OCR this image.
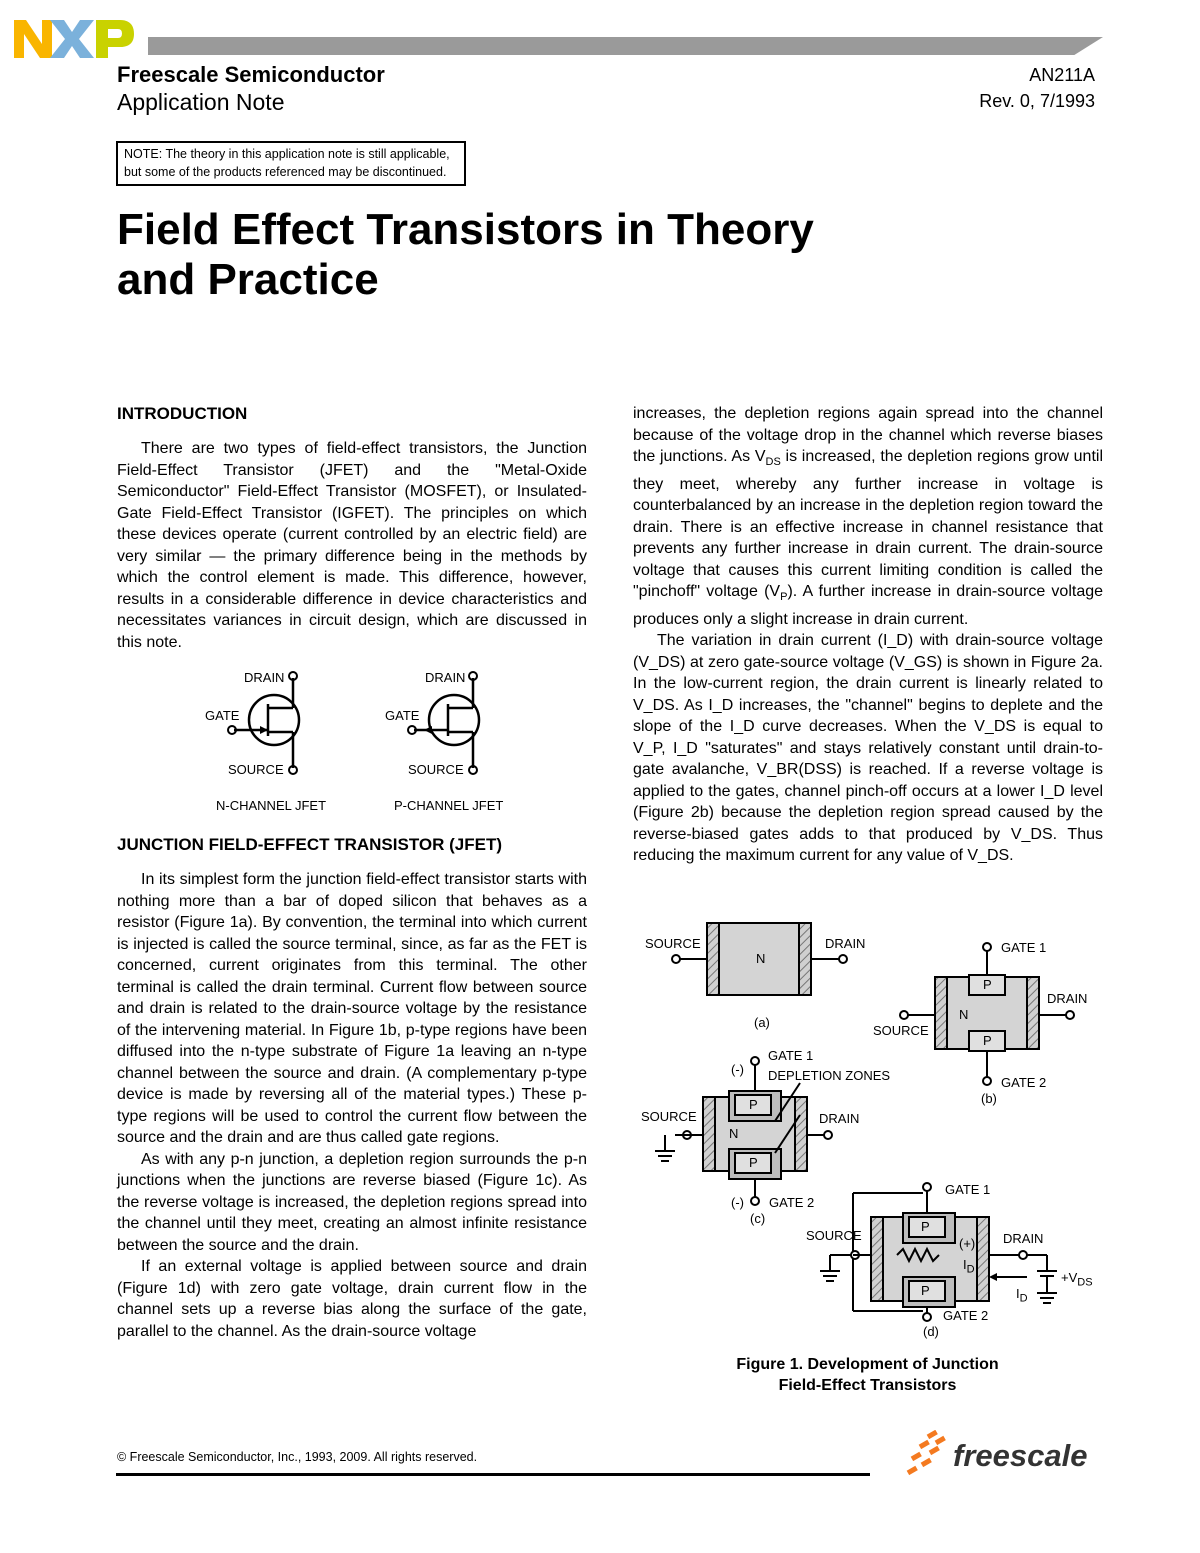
Freescale Semiconductor
Application Note
AN211A
Rev. 0, 7/1993
NOTE: The theory in this application note is still applicable,
but some of the products referenced may be discontinued.
Field Effect Transistors in Theory
and Practice
INTRODUCTION

There are two types of field-effect transistors, the Junction Field-Effect Transistor (JFET) and the "Metal-Oxide Semiconductor" Field-Effect Transistor (MOSFET), or Insulated-Gate Field-Effect Transistor (IGFET). The principles on which these devices operate (current controlled by an electric field) are very similar — the primary difference being in the methods by which the control element is made. This difference, however, results in a considerable difference in device characteristics and necessitates variances in circuit design, which are discussed in this note.

DRAIN
GATE
SOURCE
N-CHANNEL JFET
DRAIN
GATE
SOURCE
P-CHANNEL JFET
JUNCTION FIELD-EFFECT TRANSISTOR (JFET)

In its simplest form the junction field-effect transistor starts with nothing more than a bar of doped silicon that behaves as a resistor (Figure 1a). By convention, the terminal into which current is injected is called the source terminal, since, as far as the FET is concerned, current originates from this terminal. The other terminal is called the drain terminal. Current flow between source and drain is related to the drain-source voltage by the resistance of the intervening material. In Figure 1b, p-type regions have been diffused into the n-type substrate of Figure 1a leaving an n-type channel between the source and drain. (A complementary p-type device is made by reversing all of the material types.) These p-type regions will be used to control the current flow between the source and the drain and are thus called gate regions.

As with any p-n junction, a depletion region surrounds the p-n junctions when the junctions are reverse biased (Figure 1c). As the reverse voltage is increased, the depletion regions spread into the channel until they meet, creating an almost infinite resistance between the source and the drain.

If an external voltage is applied between source and drain (Figure 1d) with zero gate voltage, drain current flow in the channel sets up a reverse bias along the surface of the gate, parallel to the channel. As the drain-source voltage

increases, the depletion regions again spread into the channel because of the voltage drop in the channel which reverse biases the junctions. As $V_{DS}$ is increased, the depletion regions grow until they meet, whereby any further increase in voltage is counterbalanced by an increase in the depletion region toward the drain. There is an effective increase in channel resistance that prevents any further increase in drain current. The drain-source voltage that causes this current limiting condition is called the "pinchoff" voltage $(V_P)$. A further increase in drain-source voltage produces only a slight increase in drain current.

The variation in drain current (I_D) with drain-source voltage (V_DS) at zero gate-source voltage (V_GS) is shown in Figure 2a. In the low-current region, the drain current is linearly related to V_DS. As I_D increases, the "channel" begins to deplete and the slope of the I_D curve decreases. When the V_DS is equal to V_P, I_D "saturates" and stays relatively constant until drain-to-gate avalanche, V_BR(DSS) is reached. If a reverse voltage is applied to the gates, channel pinch-off occurs at a lower I_D level (Figure 2b) because the depletion region spread caused by the reverse-biased gates adds to that produced by V_DS. Thus reducing the maximum current for any value of V_DS.

SOURCE	DRAIN
N
(a)
GATE 1
DRAIN
N
P
P
SOURCE
GATE 2
(b)
GATE 1
(-) DEPLETION ZONES
SOURCE	DRAIN
N
P
P
(-) GATE 2
(c)
GATE 1
SOURCE	DRAIN
(+)
P
P
$I_D$
$+V_{DS}$
$I_D$
GATE 2
(d)
Figure 1. Development of Junction
Field-Effect Transistors
© Freescale Semiconductor, Inc., 1993, 2009. All rights reserved.	freescale
